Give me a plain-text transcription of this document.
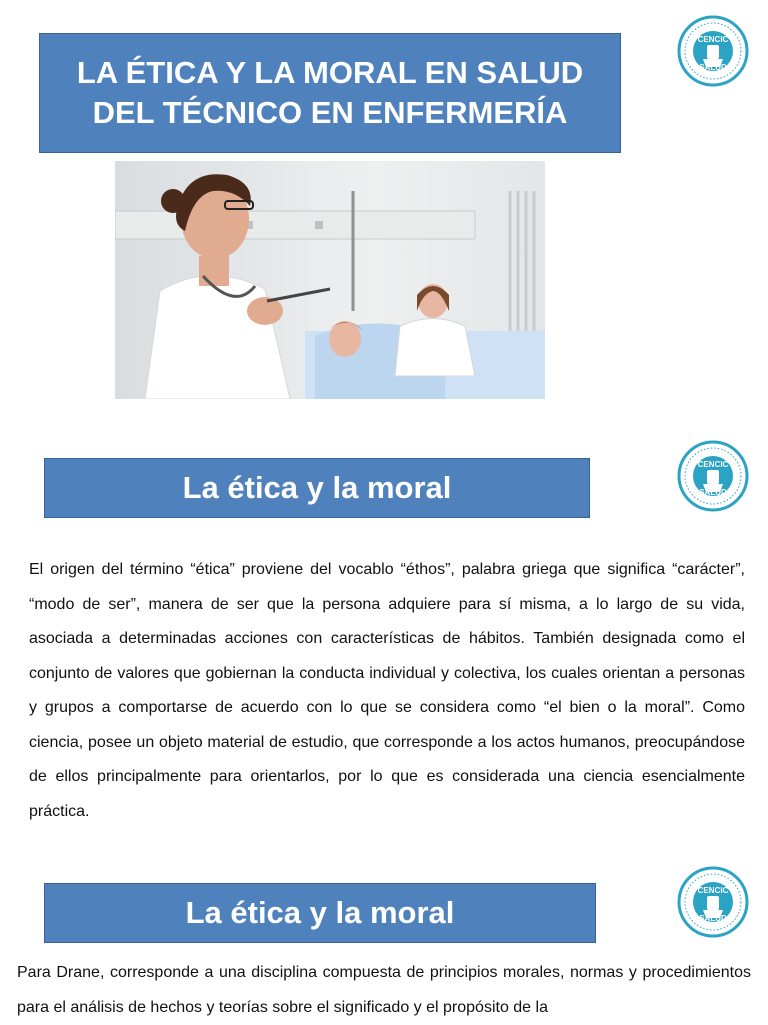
LA ÉTICA Y LA MORAL EN SALUD
DEL TÉCNICO EN ENFERMERÍA
CENCIC
SALUD
La ética y la moral
CENCIC
SALUD

El origen del término “ética” proviene del vocablo “éthos”, palabra griega que significa “carácter”, “modo de ser”, manera de ser que la persona adquiere para sí misma, a lo largo de su vida, asociada a determinadas acciones con características de hábitos. También designada como el conjunto de valores que gobiernan la conducta individual y colectiva, los cuales orientan a personas y grupos a comportarse de acuerdo con lo que se considera como “el bien o la moral”. Como ciencia, posee un objeto material de estudio, que corresponde a los actos humanos, preocupándose de ellos principalmente para orientarlos, por lo que es considerada una ciencia esencialmente práctica.

La ética y la moral
CENCIC
SALUD

Para Drane, corresponde a una disciplina compuesta de principios morales, normas y procedimientos para el análisis de hechos y teorías sobre el significado y el propósito de la
